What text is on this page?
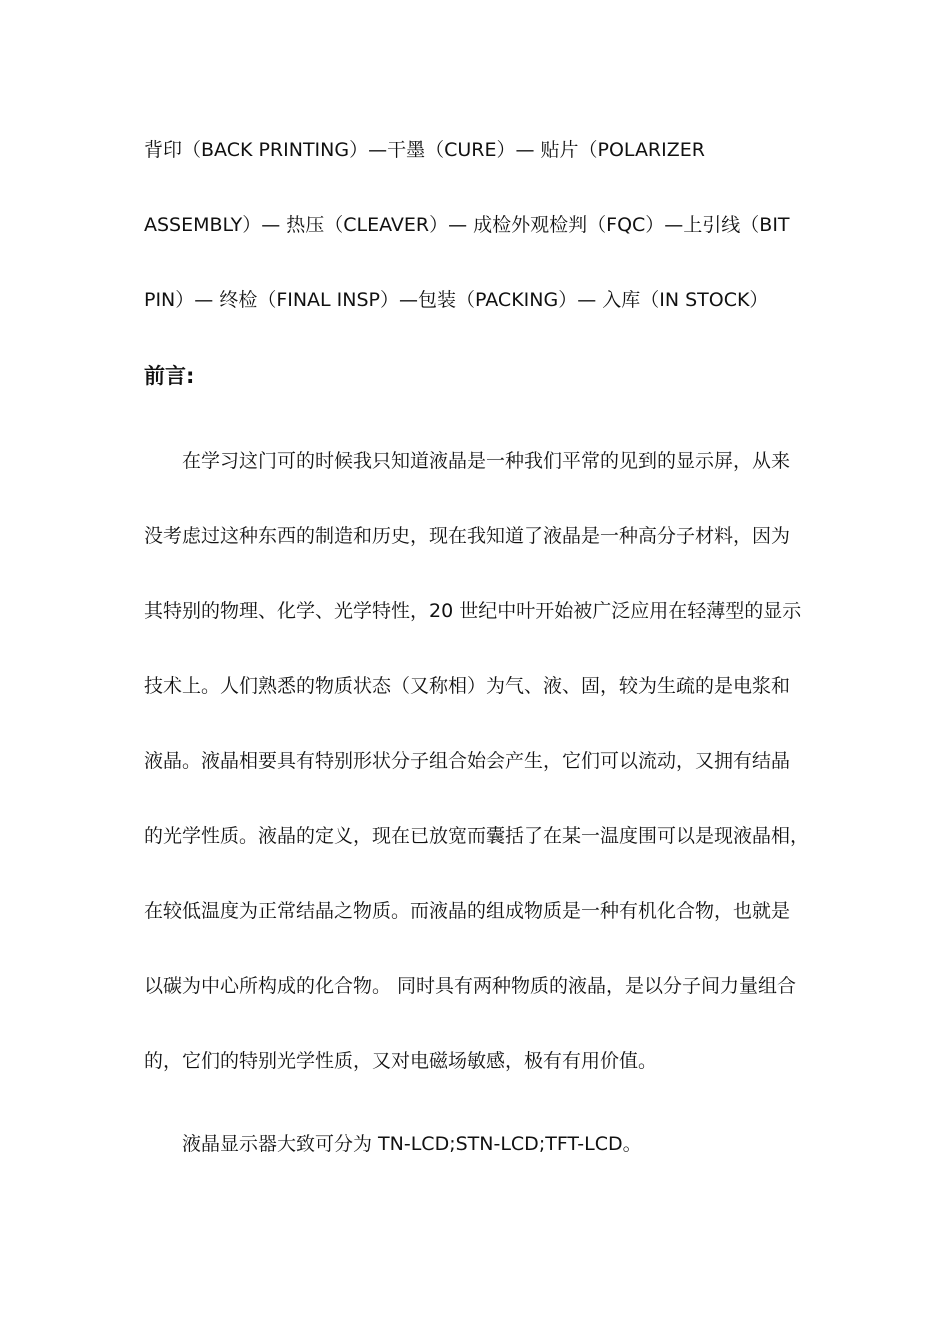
背印（BACK PRINTING）—干墨（CURE）— 贴片（POLARIZER
ASSEMBLY）— 热压（CLEAVER）— 成检外观检判（FQC）—上引线（BIT
PIN）— 终检（FINAL INSP）—包装（PACKING）— 入库（IN STOCK）
前言:
在学习这门可的时候我只知道液晶是一种我们平常的见到的显示屏，从来
没考虑过这种东西的制造和历史，现在我知道了液晶是一种高分子材料，因为
其特别的物理、化学、光学特性，20 世纪中叶开始被广泛应用在轻薄型的显示
技术上。人们熟悉的物质状态（又称相）为气、液、固，较为生疏的是电浆和
液晶。液晶相要具有特别形状分子组合始会产生，它们可以流动，又拥有结晶
的光学性质。液晶的定义，现在已放宽而囊括了在某一温度围可以是现液晶相，
在较低温度为正常结晶之物质。而液晶的组成物质是一种有机化合物，也就是
以碳为中心所构成的化合物。 同时具有两种物质的液晶，是以分子间力量组合
的，它们的特别光学性质，又对电磁场敏感，极有有用价值。
液晶显示器大致可分为 TN-LCD;STN-LCD;TFT-LCD。
